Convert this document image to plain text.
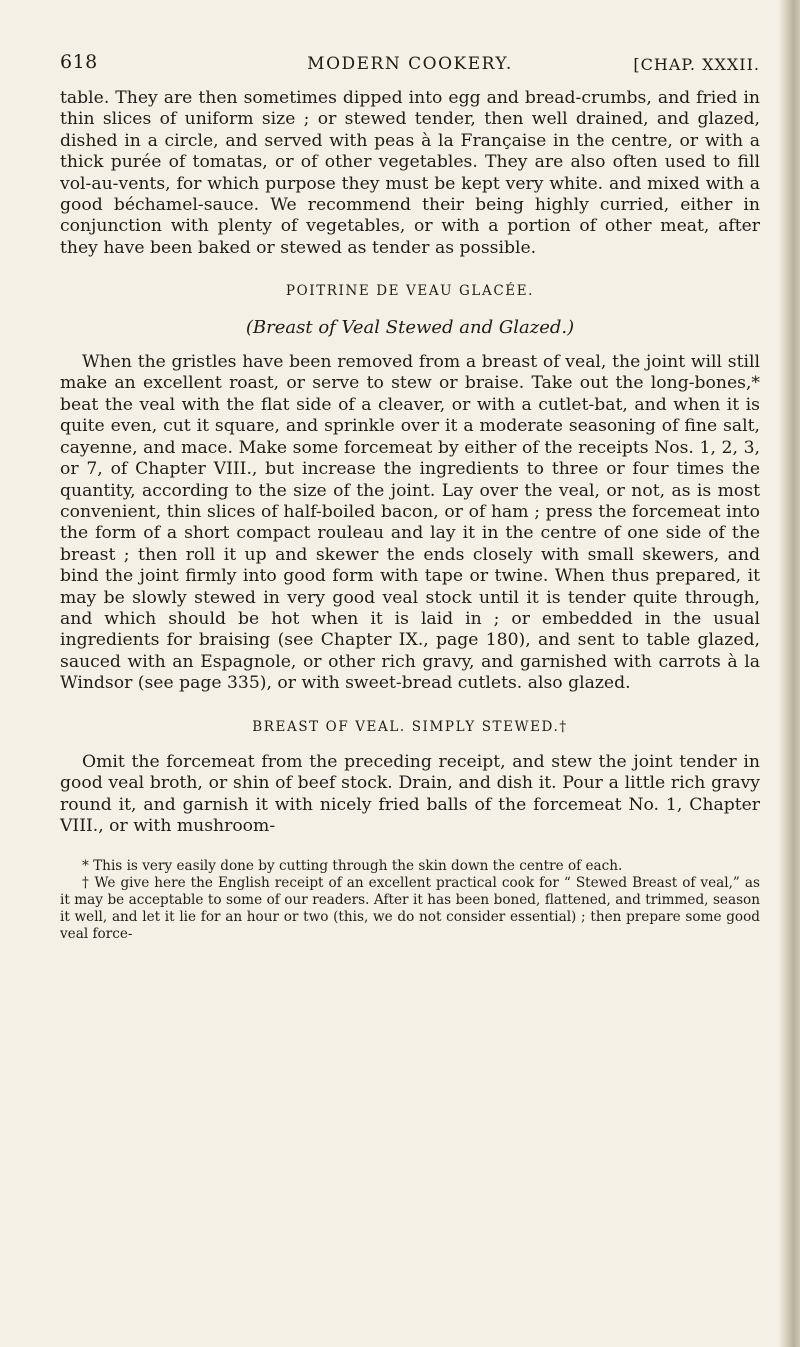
618	MODERN COOKERY.	[CHAP. XXXII.

table. They are then sometimes dipped into egg and bread-crumbs, and fried in thin slices of uniform size ; or stewed tender, then well drained, and glazed, dished in a circle, and served with peas à la Française in the centre, or with a thick purée of tomatas, or of other vegetables. They are also often used to fill vol-au-vents, for which purpose they must be kept very white. and mixed with a good béchamel-sauce. We recommend their being highly curried, either in conjunction with plenty of vegetables, or with a portion of other meat, after they have been baked or stewed as tender as possible.

POITRINE DE VEAU GLACÉE.
(Breast of Veal Stewed and Glazed.)

When the gristles have been removed from a breast of veal, the joint will still make an excellent roast, or serve to stew or braise. Take out the long-bones,* beat the veal with the flat side of a cleaver, or with a cutlet-bat, and when it is quite even, cut it square, and sprinkle over it a moderate seasoning of fine salt, cayenne, and mace. Make some forcemeat by either of the receipts Nos. 1, 2, 3, or 7, of Chapter VIII., but increase the ingredients to three or four times the quantity, according to the size of the joint. Lay over the veal, or not, as is most convenient, thin slices of half-boiled bacon, or of ham ; press the forcemeat into the form of a short compact rouleau and lay it in the centre of one side of the breast ; then roll it up and skewer the ends closely with small skewers, and bind the joint firmly into good form with tape or twine. When thus prepared, it may be slowly stewed in very good veal stock until it is tender quite through, and which should be hot when it is laid in ; or embedded in the usual ingredients for braising (see Chapter IX., page 180), and sent to table glazed, sauced with an Espagnole, or other rich gravy, and garnished with carrots à la Windsor (see page 335), or with sweet-bread cutlets. also glazed.

BREAST OF VEAL. SIMPLY STEWED.†

Omit the forcemeat from the preceding receipt, and stew the joint tender in good veal broth, or shin of beef stock. Drain, and dish it. Pour a little rich gravy round it, and garnish it with nicely fried balls of the forcemeat No. 1, Chapter VIII., or with mushroom-

* This is very easily done by cutting through the skin down the centre of each.

† We give here the English receipt of an excellent practical cook for “ Stewed Breast of veal,” as it may be acceptable to some of our readers. After it has been boned, flattened, and trimmed, season it well, and let it lie for an hour or two (this, we do not consider essential) ; then prepare some good veal force-
